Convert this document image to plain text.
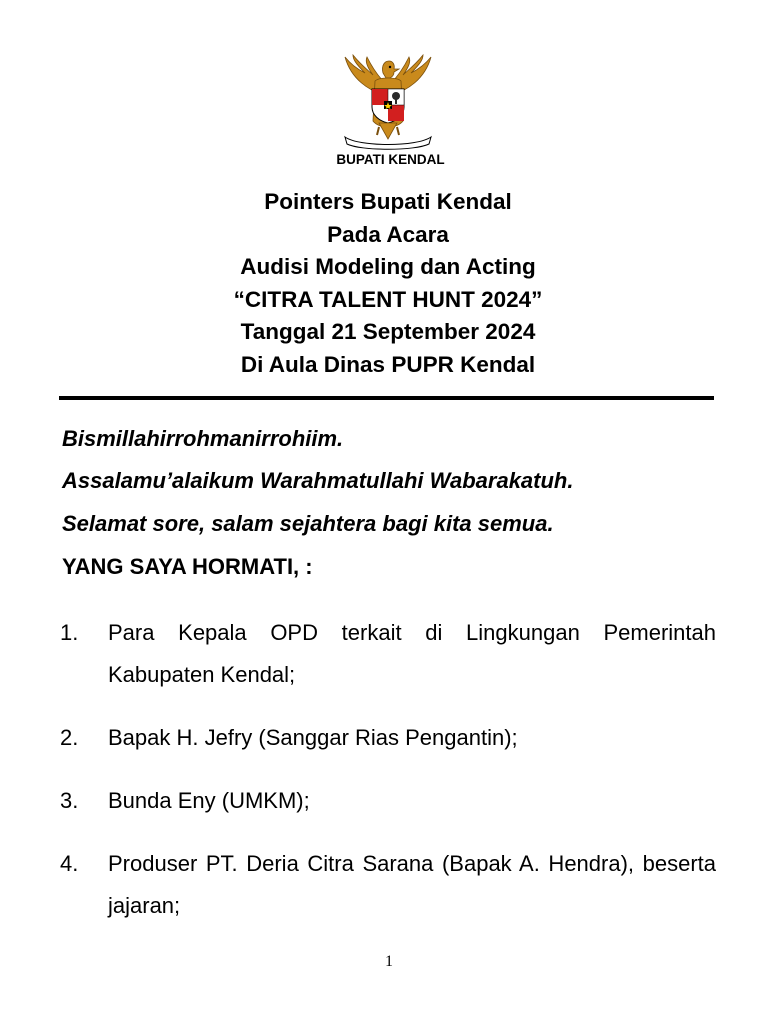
BUPATI KENDAL
Pointers Bupati Kendal
Pada Acara
Audisi Modeling dan Acting
“CITRA TALENT HUNT 2024”
Tanggal 21 September 2024
Di Aula Dinas PUPR Kendal
Bismillahirrohmanirrohiim.
Assalamu’alaikum Warahmatullahi Wabarakatuh.
Selamat sore, salam sejahtera bagi kita semua.
YANG SAYA HORMATI, :
1. Para Kepala OPD terkait di Lingkungan Pemerintah Kabupaten Kendal;
2. Bapak H. Jefry (Sanggar Rias Pengantin);
3. Bunda Eny (UMKM);
4. Produser PT. Deria Citra Sarana (Bapak A. Hendra), beserta jajaran;
1
